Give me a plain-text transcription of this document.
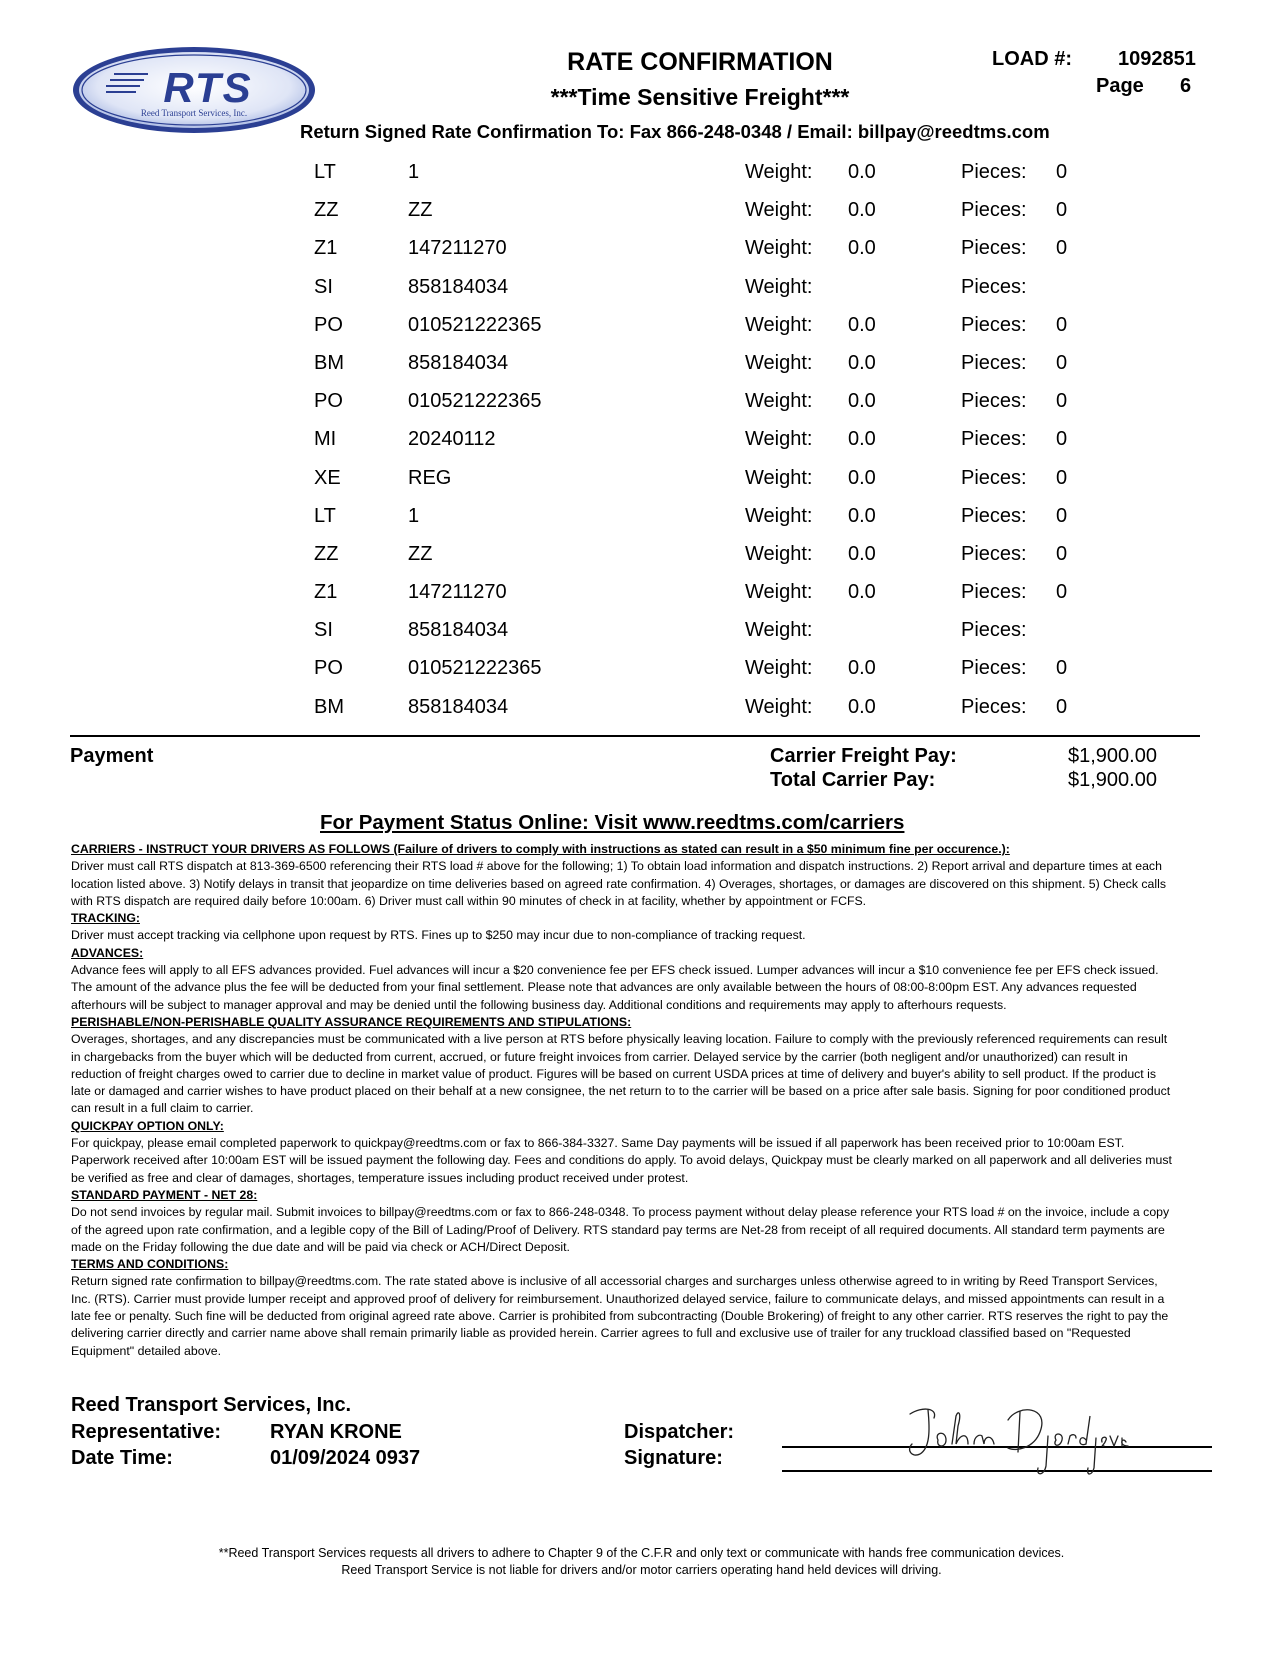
RTS
Reed Transport Services, Inc.
RATE CONFIRMATION
***Time Sensitive Freight***
LOAD #: 1092851
Page 6
Return Signed Rate Confirmation To: Fax 866-248-0348 / Email: billpay@reedtms.com
LT	1	Weight: 0.0	Pieces: 0
ZZ	ZZ	Weight: 0.0	Pieces: 0
Z1	147211270	Weight: 0.0	Pieces: 0
SI	858184034	Weight:	Pieces:
PO	010521222365	Weight: 0.0	Pieces: 0
BM	858184034	Weight: 0.0	Pieces: 0
PO	010521222365	Weight: 0.0	Pieces: 0
MI	20240112	Weight: 0.0	Pieces: 0
XE	REG	Weight: 0.0	Pieces: 0
LT	1	Weight: 0.0	Pieces: 0
ZZ	ZZ	Weight: 0.0	Pieces: 0
Z1	147211270	Weight: 0.0	Pieces: 0
SI	858184034	Weight:	Pieces:
PO	010521222365	Weight: 0.0	Pieces: 0
BM	858184034	Weight: 0.0	Pieces: 0
Payment	Carrier Freight Pay:	$1,900.00
Total Carrier Pay:	$1,900.00
For Payment Status Online: Visit www.reedtms.com/carriers

CARRIERS - INSTRUCT YOUR DRIVERS AS FOLLOWS (Failure of drivers to comply with instructions as stated can result in a $50 minimum fine per occurence.):

Driver must call RTS dispatch at 813-369-6500 referencing their RTS load # above for the following; 1) To obtain load information and dispatch instructions. 2) Report arrival and departure times at each location listed above. 3) Notify delays in transit that jeopardize on time deliveries based on agreed rate confirmation. 4) Overages, shortages, or damages are discovered on this shipment. 5) Check calls with RTS dispatch are required daily before 10:00am. 6) Driver must call within 90 minutes of check in at facility, whether by appointment or FCFS.

TRACKING:

Driver must accept tracking via cellphone upon request by RTS. Fines up to $250 may incur due to non-compliance of tracking request.

ADVANCES:

Advance fees will apply to all EFS advances provided. Fuel advances will incur a $20 convenience fee per EFS check issued. Lumper advances will incur a $10 convenience fee per EFS check issued. The amount of the advance plus the fee will be deducted from your final settlement. Please note that advances are only available between the hours of 08:00-8:00pm EST. Any advances requested afterhours will be subject to manager approval and may be denied until the following business day. Additional conditions and requirements may apply to afterhours requests.

PERISHABLE/NON-PERISHABLE QUALITY ASSURANCE REQUIREMENTS AND STIPULATIONS:

Overages, shortages, and any discrepancies must be communicated with a live person at RTS before physically leaving location. Failure to comply with the previously referenced requirements can result in chargebacks from the buyer which will be deducted from current, accrued, or future freight invoices from carrier. Delayed service by the carrier (both negligent and/or unauthorized) can result in reduction of freight charges owed to carrier due to decline in market value of product. Figures will be based on current USDA prices at time of delivery and buyer's ability to sell product. If the product is late or damaged and carrier wishes to have product placed on their behalf at a new consignee, the net return to to the carrier will be based on a price after sale basis. Signing for poor conditioned product can result in a full claim to carrier.

QUICKPAY OPTION ONLY:

For quickpay, please email completed paperwork to quickpay@reedtms.com or fax to 866-384-3327. Same Day payments will be issued if all paperwork has been received prior to 10:00am EST. Paperwork received after 10:00am EST will be issued payment the following day. Fees and conditions do apply. To avoid delays, Quickpay must be clearly marked on all paperwork and all deliveries must be verified as free and clear of damages, shortages, temperature issues including product received under protest.

STANDARD PAYMENT - NET 28:

Do not send invoices by regular mail. Submit invoices to billpay@reedtms.com or fax to 866-248-0348. To process payment without delay please reference your RTS load # on the invoice, include a copy of the agreed upon rate confirmation, and a legible copy of the Bill of Lading/Proof of Delivery. RTS standard pay terms are Net-28 from receipt of all required documents. All standard term payments are made on the Friday following the due date and will be paid via check or ACH/Direct Deposit.

TERMS AND CONDITIONS:

Return signed rate confirmation to billpay@reedtms.com. The rate stated above is inclusive of all accessorial charges and surcharges unless otherwise agreed to in writing by Reed Transport Services, Inc. (RTS). Carrier must provide lumper receipt and approved proof of delivery for reimbursement. Unauthorized delayed service, failure to communicate delays, and missed appointments can result in a late fee or penalty. Such fine will be deducted from original agreed rate above. Carrier is prohibited from subcontracting (Double Brokering) of freight to any other carrier. RTS reserves the right to pay the delivering carrier directly and carrier name above shall remain primarily liable as provided herein. Carrier agrees to full and exclusive use of trailer for any truckload classified based on "Requested Equipment" detailed above.

Reed Transport Services, Inc.
Representative: RYAN KRONE
Date Time:	01/09/2024 0937
Dispatcher:
Signature:
**Reed Transport Services requests all drivers to adhere to Chapter 9 of the C.F.R and only text or communicate with hands free communication devices.
Reed Transport Service is not liable for drivers and/or motor carriers operating hand held devices will driving.
